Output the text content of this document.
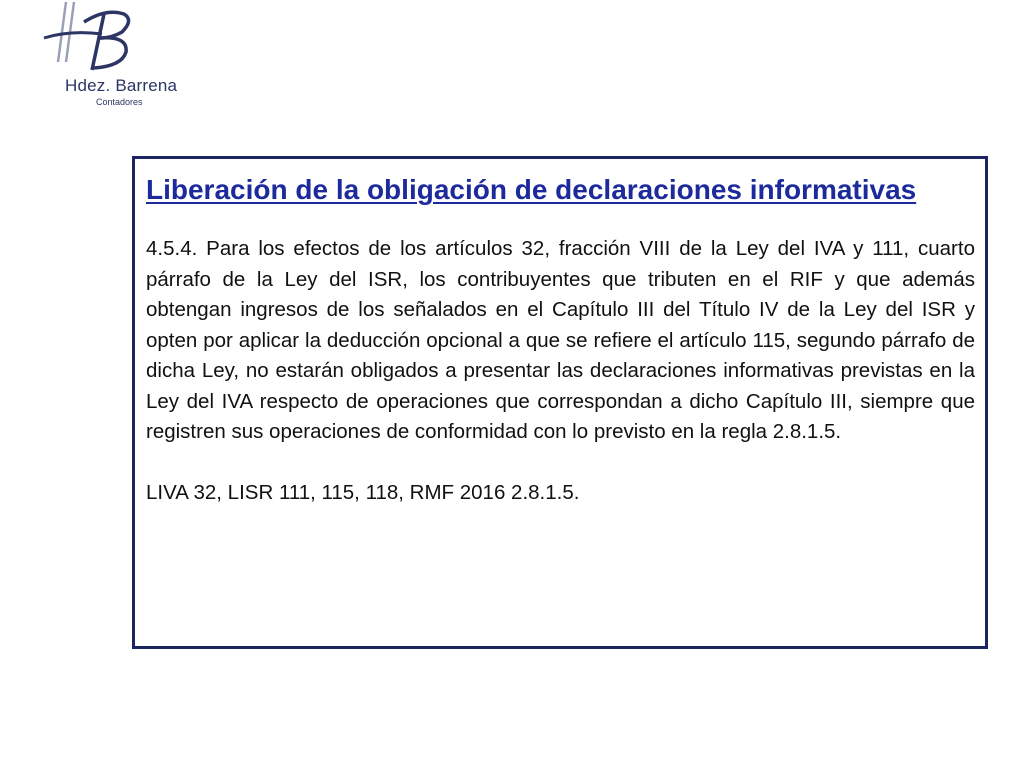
Hdez. Barrena
Contadores
Liberación de la obligación de declaraciones informativas

4.5.4. Para los efectos de los artículos 32, fracción VIII de la Ley del IVA y 111, cuarto párrafo de la Ley del ISR, los contribuyentes que tributen en el RIF y que además obtengan ingresos de los señalados en el Capítulo III del Título IV de la Ley del ISR y opten por aplicar la deducción opcional a que se refiere el artículo 115, segundo párrafo de dicha Ley, no estarán obligados a presentar las declaraciones informativas previstas en la Ley del IVA respecto de operaciones que correspondan a dicho Capítulo III, siempre que registren sus operaciones de conformidad con lo previsto en la regla 2.8.1.5.

LIVA 32, LISR 111, 115, 118, RMF 2016 2.8.1.5.
